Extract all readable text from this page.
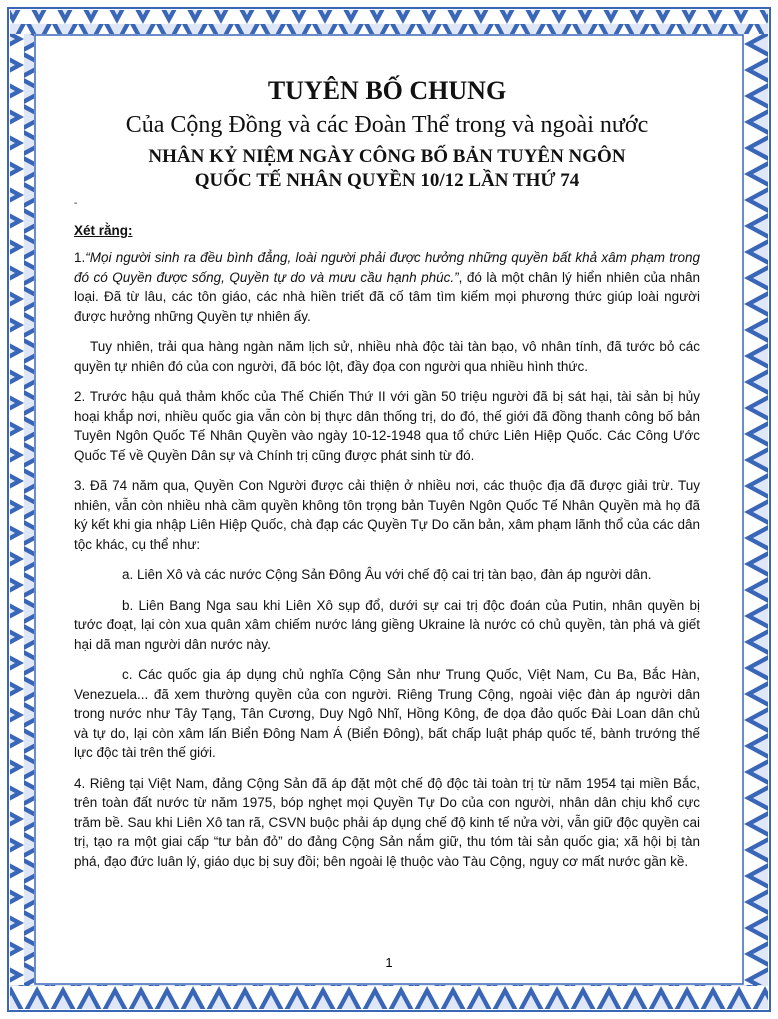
TUYÊN BỐ CHUNG
Của Cộng Đồng và các Đoàn Thể trong và ngoài nước
NHÂN KỶ NIỆM NGÀY CÔNG BỐ BẢN TUYÊN NGÔN
QUỐC TẾ NHÂN QUYỀN 10/12 LẦN THỨ 74
-
Xét rằng:

1.“Mọi người sinh ra đều bình đẳng, loài người phải được hưởng những quyền bất khả xâm phạm trong đó có Quyền được sống, Quyền tự do và mưu cầu hạnh phúc.”, đó là một chân lý hiển nhiên của nhân loại. Đã từ lâu, các tôn giáo, các nhà hiền triết đã cố tâm tìm kiếm mọi phương thức giúp loài người được hưởng những Quyền tự nhiên ấy.

Tuy nhiên, trải qua hàng ngàn năm lịch sử, nhiều nhà độc tài tàn bạo, vô nhân tính, đã tước bỏ các quyền tự nhiên đó của con người, đã bóc lột, đầy đọa con người qua nhiều hình thức.

2. Trước hậu quả thảm khốc của Thế Chiến Thứ II với gần 50 triệu người đã bị sát hại, tài sản bị hủy hoại khắp nơi, nhiều quốc gia vẫn còn bị thực dân thống trị, do đó, thế giới đã đồng thanh công bố bản Tuyên Ngôn Quốc Tế Nhân Quyền vào ngày 10-12-1948 qua tổ chức Liên Hiệp Quốc. Các Công Ước Quốc Tế về Quyền Dân sự và Chính trị cũng được phát sinh từ đó.

3. Đã 74 năm qua, Quyền Con Người được cải thiện ở nhiều nơi, các thuộc địa đã được giải trừ. Tuy nhiên, vẫn còn nhiều nhà cầm quyền không tôn trọng bản Tuyên Ngôn Quốc Tế Nhân Quyền mà họ đã ký kết khi gia nhập Liên Hiệp Quốc, chà đạp các Quyền Tự Do căn bản, xâm phạm lãnh thổ của các dân tộc khác, cụ thể như:

a. Liên Xô và các nước Cộng Sản Đông Âu với chế độ cai trị tàn bạo, đàn áp người dân.

b. Liên Bang Nga sau khi Liên Xô sụp đổ, dưới sự cai trị độc đoán của Putin, nhân quyền bị tước đoạt, lại còn xua quân xâm chiếm nước láng giềng Ukraine là nước có chủ quyền, tàn phá và giết hại dã man người dân nước này.

c. Các quốc gia áp dụng chủ nghĩa Cộng Sản như Trung Quốc, Việt Nam, Cu Ba, Bắc Hàn, Venezuela... đã xem thường quyền của con người. Riêng Trung Cộng, ngoài việc đàn áp người dân trong nước như Tây Tạng, Tân Cương, Duy Ngô Nhĩ, Hồng Kông, đe dọa đảo quốc Đài Loan dân chủ và tự do, lại còn xâm lấn Biển Đông Nam Á (Biển Đông), bất chấp luật pháp quốc tế, bành trướng thế lực độc tài trên thế giới.

4. Riêng tại Việt Nam, đảng Cộng Sản đã áp đặt một chế độ độc tài toàn trị từ năm 1954 tại miền Bắc, trên toàn đất nước từ năm 1975, bóp nghẹt mọi Quyền Tự Do của con người, nhân dân chịu khổ cực trăm bề. Sau khi Liên Xô tan rã, CSVN buộc phải áp dụng chế độ kinh tế nửa vời, vẫn giữ độc quyền cai trị, tạo ra một giai cấp “tư bản đỏ” do đảng Cộng Sản nắm giữ, thu tóm tài sản quốc gia; xã hội bị tàn phá, đạo đức luân lý, giáo dục bị suy đồi; bên ngoài lệ thuộc vào Tàu Cộng, nguy cơ mất nước gần kề.

1
